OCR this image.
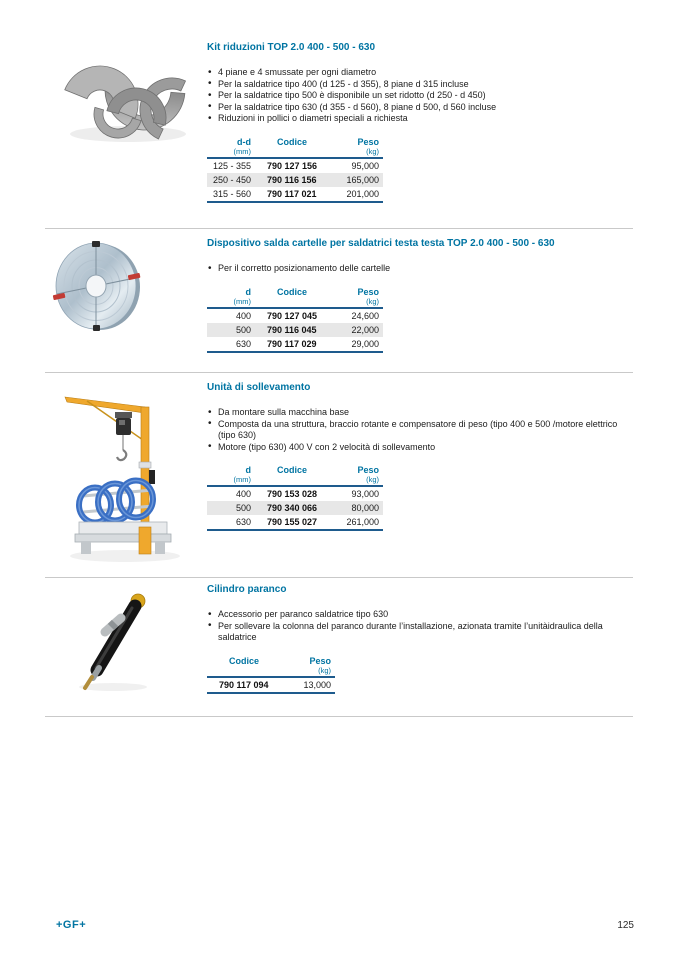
Kit riduzioni TOP 2.0 400 - 500 - 630
• 4 piane e 4 smussate per ogni diametro
• Per la saldatrice tipo 400 (d 125 - d 355), 8 piane d 315 incluse
• Per la saldatrice tipo 500 è disponibile un set ridotto (d 250 - d 450)
• Per la saldatrice tipo 630 (d 355 - d 560), 8 piane d 500, d 560 incluse
• Riduzioni in pollici o diametri speciali a richiesta
d-d	Codice	Peso
(mm)		(kg)
125 - 355	790 127 156	95,000
250 - 450	790 116 156	165,000
315 - 560	790 117 021	201,000
Dispositivo salda cartelle per saldatrici testa testa TOP 2.0 400 - 500 - 630
• Per il corretto posizionamento delle cartelle
d	Codice	Peso
(mm)		(kg)
400	790 127 045	24,600
500	790 116 045	22,000
630	790 117 029	29,000
Unità di sollevamento
• Da montare sulla macchina base
• Composta da una struttura, braccio rotante e compensatore di peso (tipo 400 e 500 /motore elettrico (tipo 630)
• Motore (tipo 630) 400 V con 2 velocità di sollevamento
d	Codice	Peso
(mm)		(kg)
400	790 153 028	93,000
500	790 340 066	80,000
630	790 155 027	261,000
Cilindro paranco
• Accessorio per paranco saldatrice tipo 630
• Per sollevare la colonna del paranco durante l’installazione, azionata tramite l’unitàidraulica della saldatrice
Codice	Peso
	(kg)
790 117 094	13,000
+GF+	125
